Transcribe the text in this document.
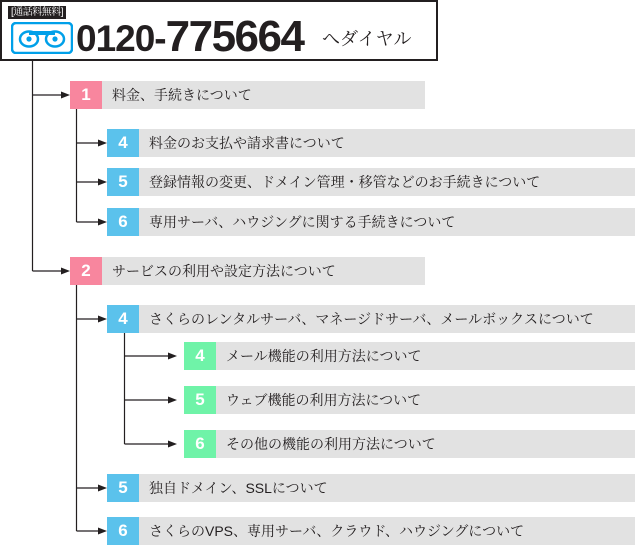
[通話料無料]
0120-775664 へダイヤル
1	料金、手続きについて
4	料金のお支払や請求書について
5	登録情報の変更、ドメイン管理・移管などのお手続きについて
6	専用サーバ、ハウジングに関する手続きについて
2	サービスの利用や設定方法について
4	さくらのレンタルサーバ、マネージドサーバ、メールボックスについて
4	メール機能の利用方法について
5	ウェブ機能の利用方法について
6	その他の機能の利用方法について
5	独自ドメイン、SSLについて
6	さくらのVPS、専用サーバ、クラウド、ハウジングについて
